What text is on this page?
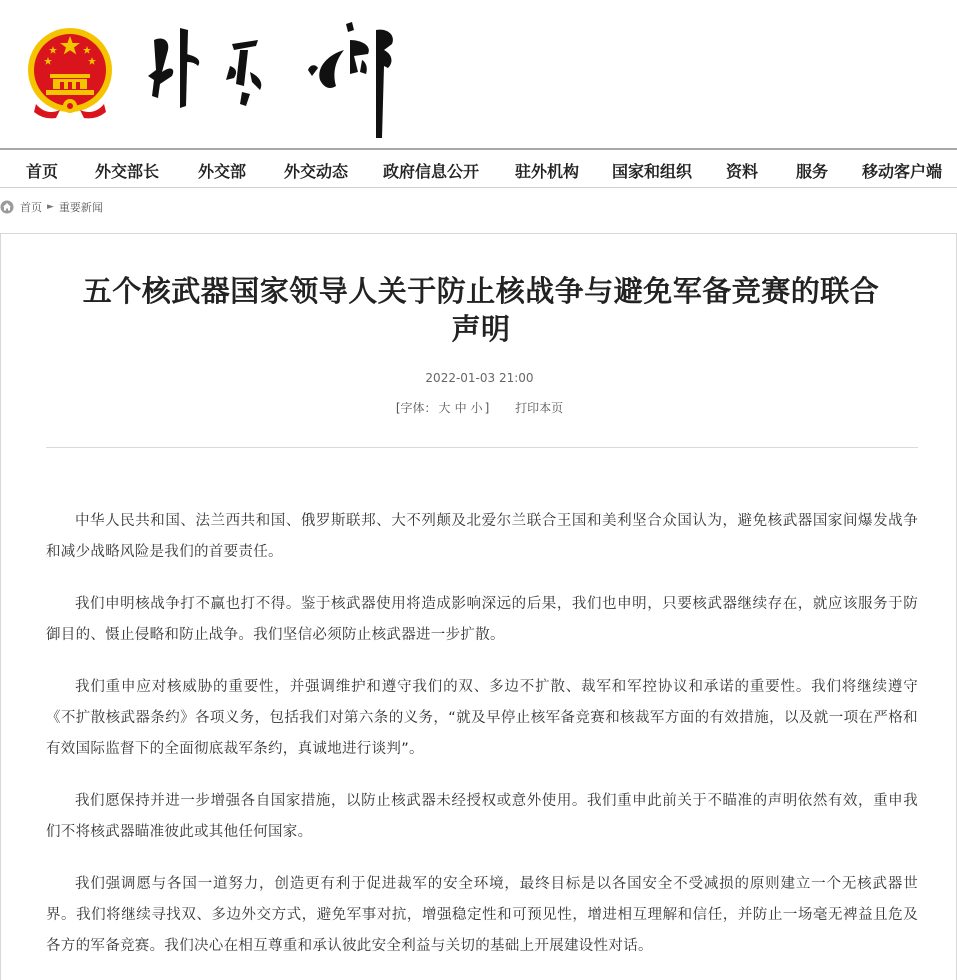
首页 外交部长 外交部 外交动态 政府信息公开 驻外机构 国家和组织 资料 服务 移动客户端
首页 ► 重要新闻
五个核武器国家领导人关于防止核战争与避免军备竞赛的联合
声明
2022-01-03 21:00
[字体： 大 中 小 ] 打印本页

中华人民共和国、法兰西共和国、俄罗斯联邦、大不列颠及北爱尔兰联合王国和美利坚合众国认为，避免核武器国家间爆发战争和减少战略风险是我们的首要责任。

我们申明核战争打不赢也打不得。鉴于核武器使用将造成影响深远的后果，我们也申明，只要核武器继续存在，就应该服务于防御目的、慑止侵略和防止战争。我们坚信必须防止核武器进一步扩散。

我们重申应对核威胁的重要性，并强调维护和遵守我们的双、多边不扩散、裁军和军控协议和承诺的重要性。我们将继续遵守《不扩散核武器条约》各项义务，包括我们对第六条的义务，“就及早停止核军备竞赛和核裁军方面的有效措施，以及就一项在严格和有效国际监督下的全面彻底裁军条约，真诚地进行谈判”。

我们愿保持并进一步增强各自国家措施，以防止核武器未经授权或意外使用。我们重申此前关于不瞄准的声明依然有效，重申我们不将核武器瞄准彼此或其他任何国家。

我们强调愿与各国一道努力，创造更有利于促进裁军的安全环境，最终目标是以各国安全不受减损的原则建立一个无核武器世界。我们将继续寻找双、多边外交方式，避免军事对抗，增强稳定性和可预见性，增进相互理解和信任，并防止一场毫无裨益且危及各方的军备竞赛。我们决心在相互尊重和承认彼此安全利益与关切的基础上开展建设性对话。
